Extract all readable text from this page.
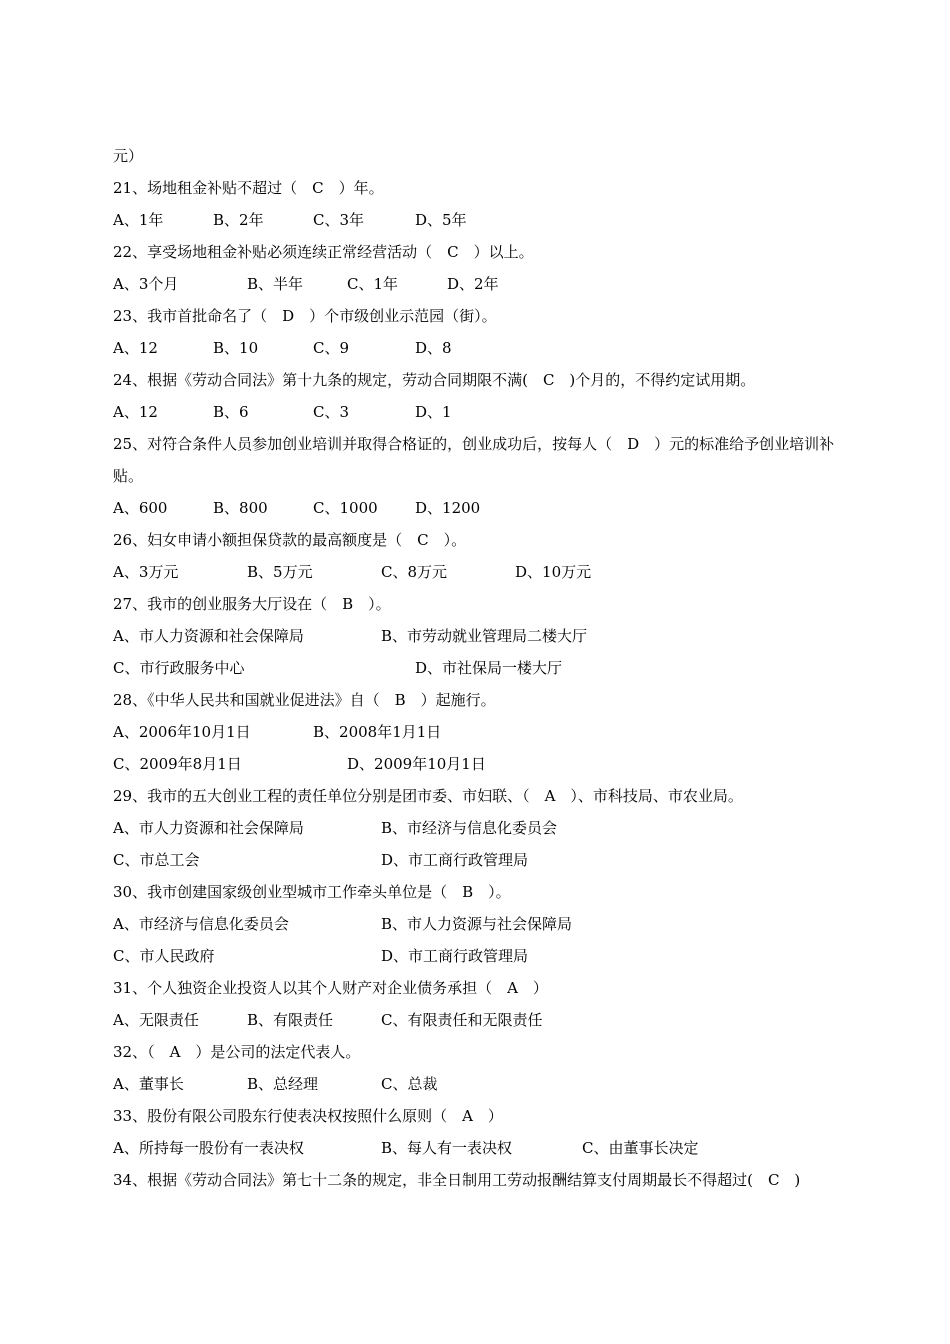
元）
21、场地租金补贴不超过（　C　）年。
A、1年	B、2年	C、3年	D、5年
22、享受场地租金补贴必须连续正常经营活动（　C　）以上。
A、3个月	B、半年	C、1年	D、2年
23、我市首批命名了（　D　）个市级创业示范园（街）。
A、12	B、10	C、9	D、8
24、根据《劳动合同法》第十九条的规定，劳动合同期限不满(　C　)个月的，不得约定试用期。
A、12	B、6	C、3	D、1
25、对符合条件人员参加创业培训并取得合格证的，创业成功后，按每人（　D　）元的标准给予创业培训补贴。
A、600	B、800	C、1000 D、1200
26、妇女申请小额担保贷款的最高额度是（　C　）。
A、3万元	B、5万元	C、8万元	D、10万元
27、我市的创业服务大厅设在（　B　）。
A、市人力资源和社会保障局	B、市劳动就业管理局二楼大厅
C、市行政服务中心	D、市社保局一楼大厅
28、《中华人民共和国就业促进法》自（　B　）起施行。
A、2006年10月1日	B、2008年1月1日
C、2009年8月1日	D、2009年10月1日
29、我市的五大创业工程的责任单位分别是团市委、市妇联、（　A　）、市科技局、市农业局。
A、市人力资源和社会保障局	B、市经济与信息化委员会
C、市总工会	D、市工商行政管理局
30、我市创建国家级创业型城市工作牵头单位是（　B　）。
A、市经济与信息化委员会	B、市人力资源与社会保障局
C、市人民政府	D、市工商行政管理局
31、个人独资企业投资人以其个人财产对企业债务承担（　A　）
A、无限责任	B、有限责任	C、有限责任和无限责任
32、（　A　）是公司的法定代表人。
A、董事长	B、总经理	C、总裁
33、股份有限公司股东行使表决权按照什么原则（　A　）
A、所持每一股份有一表决权	B、每人有一表决权	C、由董事长决定
34、根据《劳动合同法》第七十二条的规定，非全日制用工劳动报酬结算支付周期最长不得超过(　C　)
